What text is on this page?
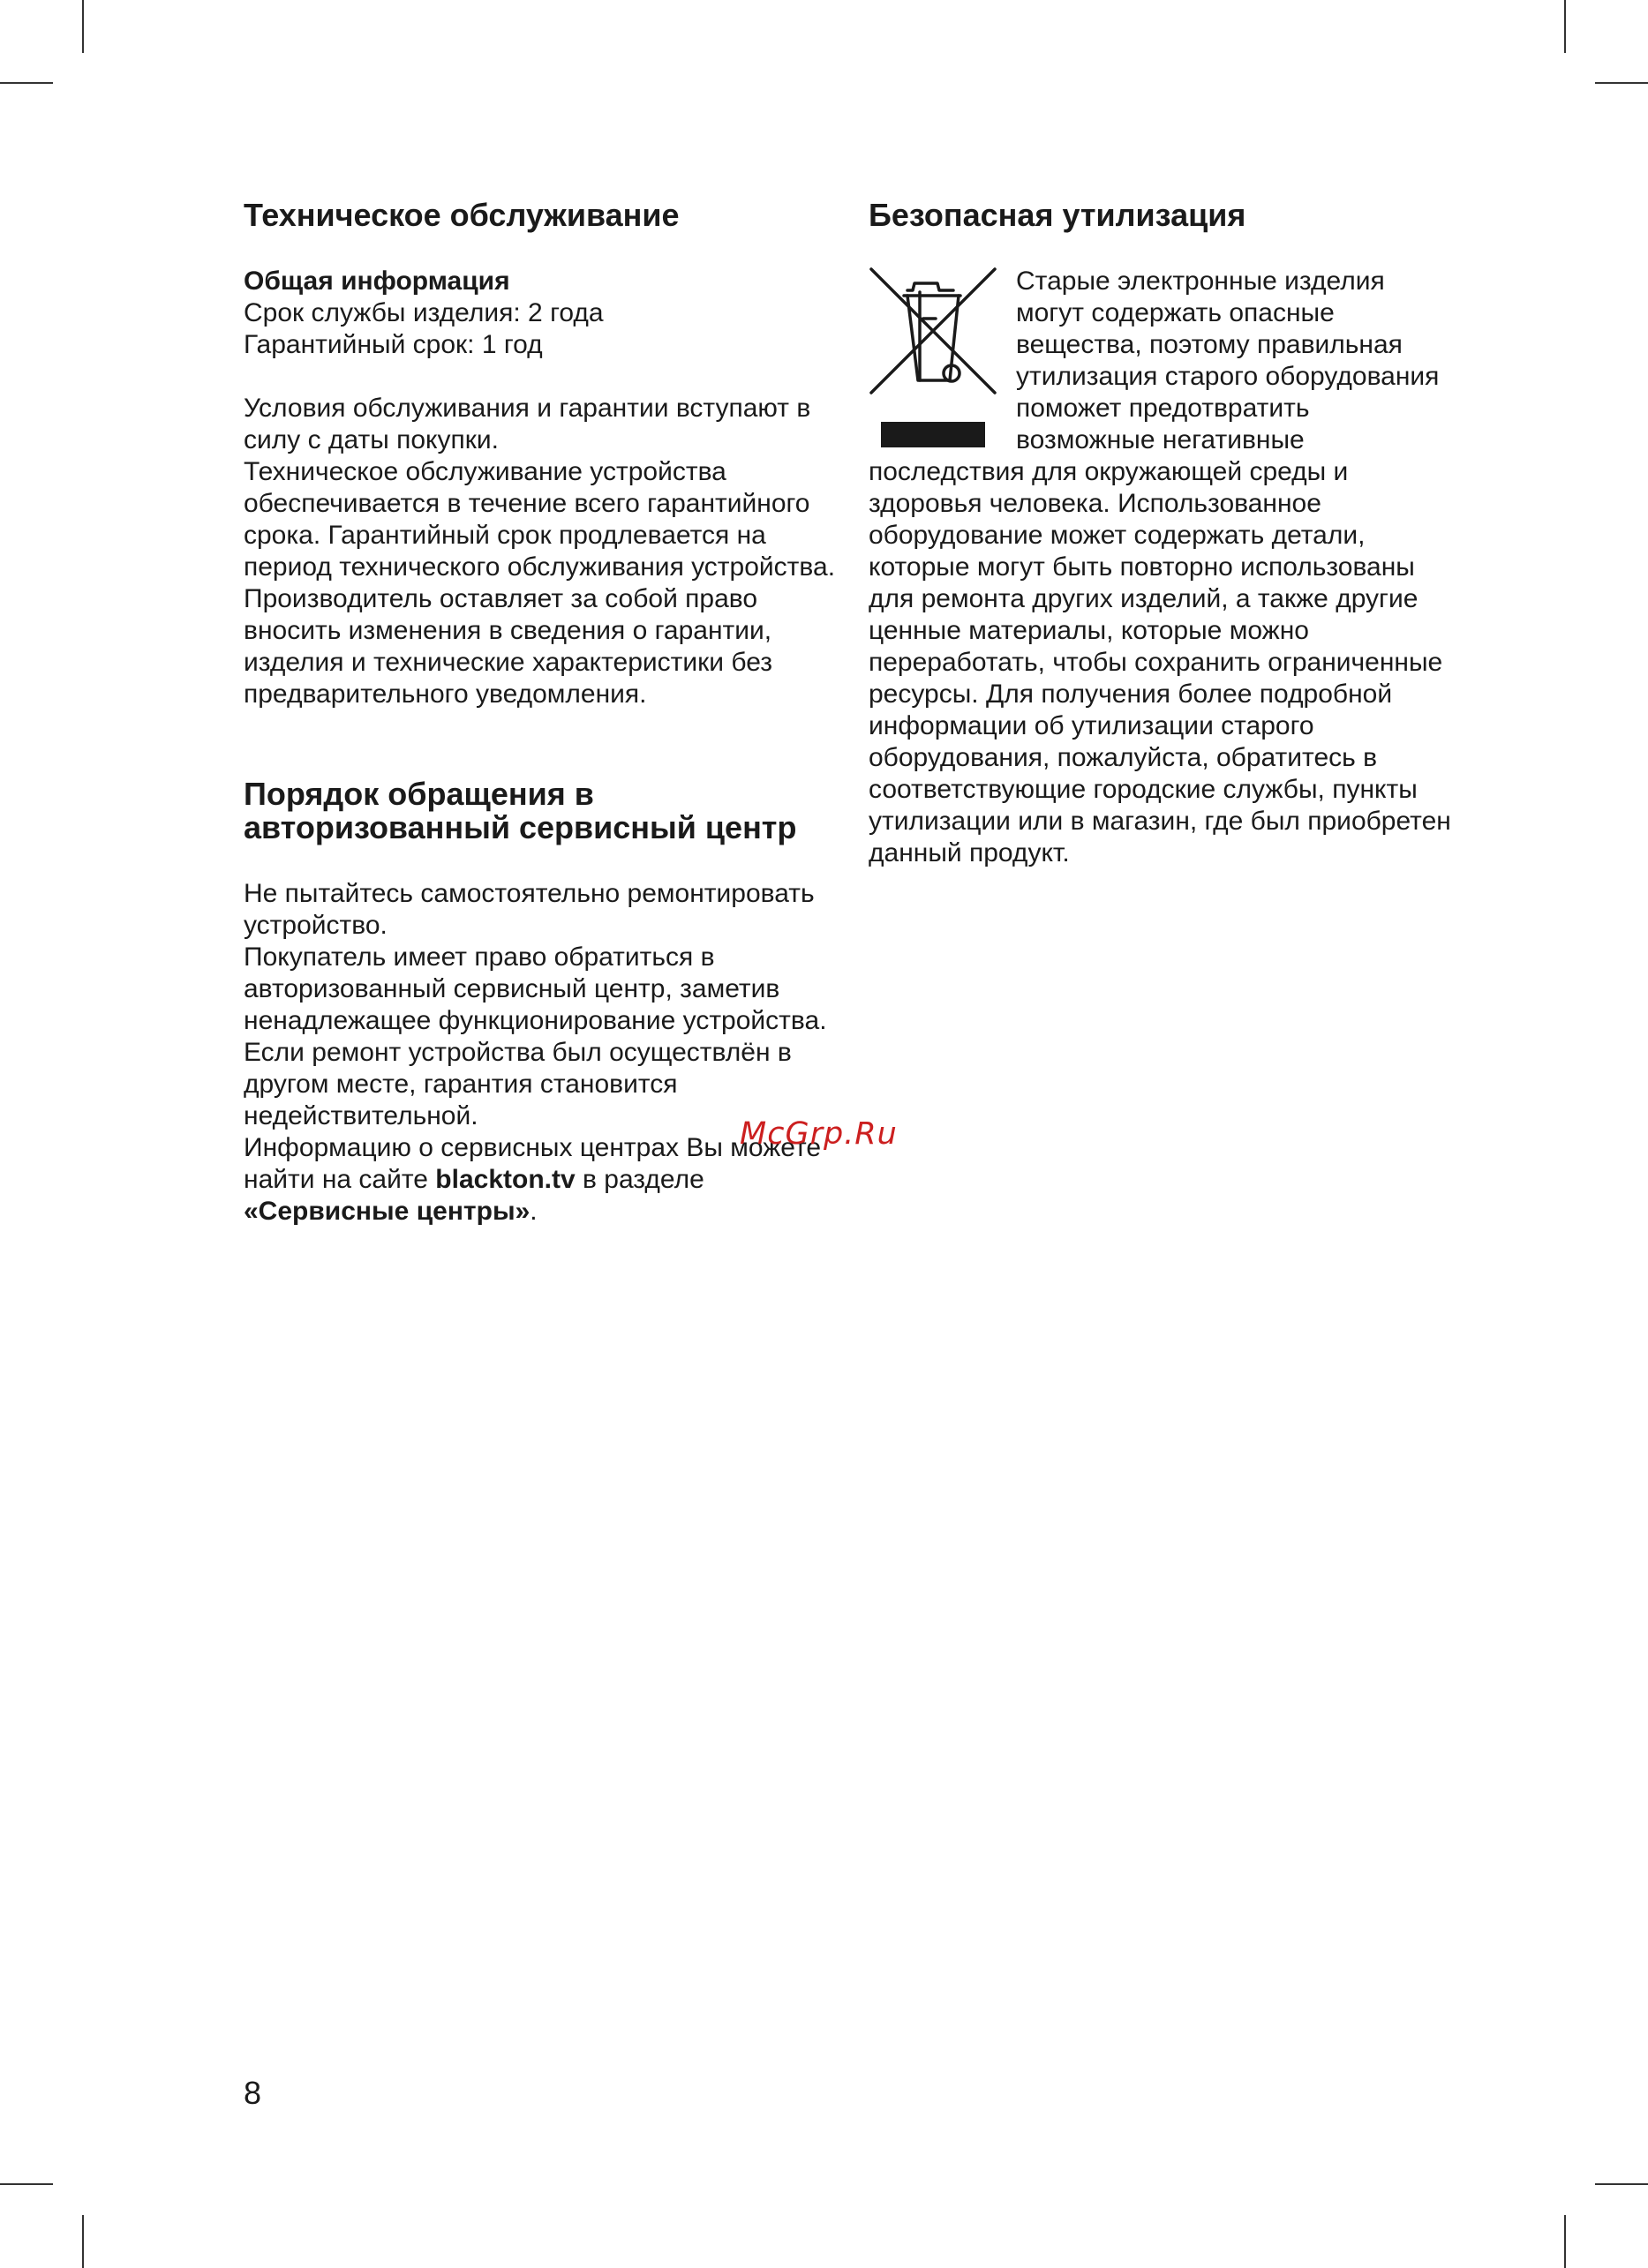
Техническое обслуживание

Общая информация

Срок службы изделия: 2 года

Гарантийный срок: 1 год

Условия обслуживания и гарантии вступают в силу с даты покупки.

Техническое обслуживание устройства обеспечивается в течение всего гарантийного срока. Гарантийный срок продлевается на период технического обслуживания устройства.

Производитель оставляет за собой право вносить изменения в сведения о гарантии, изделия и технические характеристики без предварительного уведомления.

Порядок обращения в авторизованный сервисный центр

Не пытайтесь самостоятельно ремонтировать устройство.

Покупатель имеет право обратиться в авторизованный сервисный центр, заметив ненадлежащее функционирование устройства.

Если ремонт устройства был осуществлён в другом месте, гарантия становится недействительной.

Информацию о сервисных центрах Вы можете найти на сайте blackton.tv в разделе «Сервисные центры».

Безопасная утилизация
Старые электронные изделия могут содержать опасные вещества, поэтому правильная утилизация старого оборудования поможет предотвратить возможные негативные последствия для окружающей среды и здоровья человека. Использованное оборудование может содержать детали, которые могут быть повторно использованы для ремонта других изделий, а также другие ценные материалы, которые можно переработать, чтобы сохранить ограниченные ресурсы. Для получения более подробной информации об утилизации старого оборудования, пожалуйста, обратитесь в соответствующие городские службы, пункты утилизации или в магазин, где был приобретен данный продукт.
McGrp.Ru
8
